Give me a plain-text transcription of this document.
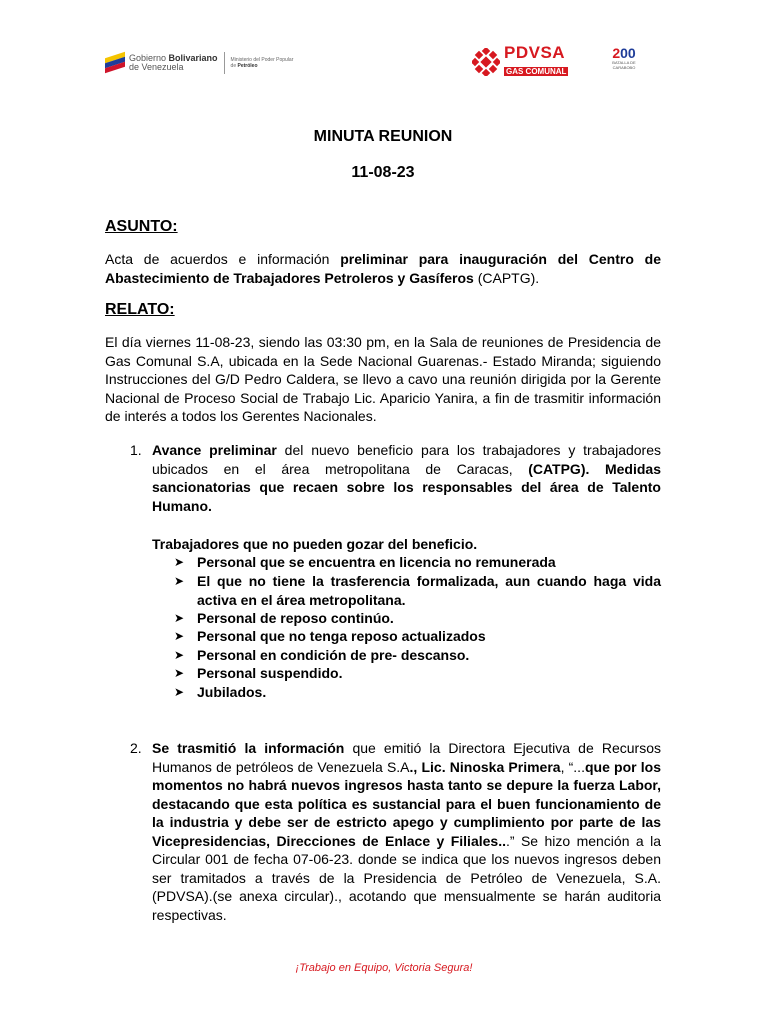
Gobierno Bolivariano
de Venezuela
Ministerio del Poder Popular
de Petróleo
PDVSA
GAS COMUNAL
200
BATALLA DE CARABOBO
MINUTA REUNION
11-08-23
ASUNTO:
Acta de acuerdos e información preliminar para inauguración del Centro de Abastecimiento de Trabajadores Petroleros y Gasíferos (CAPTG).
RELATO:
El día viernes 11-08-23, siendo las 03:30 pm, en la Sala de reuniones de Presidencia de Gas Comunal S.A, ubicada en la Sede Nacional Guarenas.- Estado Miranda; siguiendo Instrucciones del G/D Pedro Caldera, se llevo a cavo una reunión dirigida por la Gerente Nacional de Proceso Social de Trabajo Lic. Aparicio Yanira, a fin de trasmitir información de interés a todos los Gerentes Nacionales.
1. Avance preliminar del nuevo beneficio para los trabajadores y trabajadores ubicados en el área metropolitana de Caracas, (CATPG). Medidas sancionatorias que recaen sobre los responsables del área de Talento Humano.
Trabajadores que no pueden gozar del beneficio.
➤ Personal que se encuentra en licencia no remunerada
➤ El que no tiene la trasferencia formalizada, aun cuando haga vida activa en el área metropolitana.
➤ Personal de reposo continúo.
➤ Personal que no tenga reposo actualizados
➤ Personal en condición de pre- descanso.
➤ Personal suspendido.
➤ Jubilados.
2. Se trasmitió la información que emitió la Directora Ejecutiva de Recursos Humanos de petróleos de Venezuela S.A., Lic. Ninoska Primera, “...que por los momentos no habrá nuevos ingresos hasta tanto se depure la fuerza Labor, destacando que esta política es sustancial para el buen funcionamiento de la industria y debe ser de estricto apego y cumplimiento por parte de las Vicepresidencias, Direcciones de Enlace y Filiales...” Se hizo mención a la Circular 001 de fecha 07-06-23. donde se indica que los nuevos ingresos deben ser tramitados a través de la Presidencia de Petróleo de Venezuela, S.A. (PDVSA).(se anexa circular)., acotando que mensualmente se harán auditoria respectivas.
¡Trabajo en Equipo, Victoria Segura!
